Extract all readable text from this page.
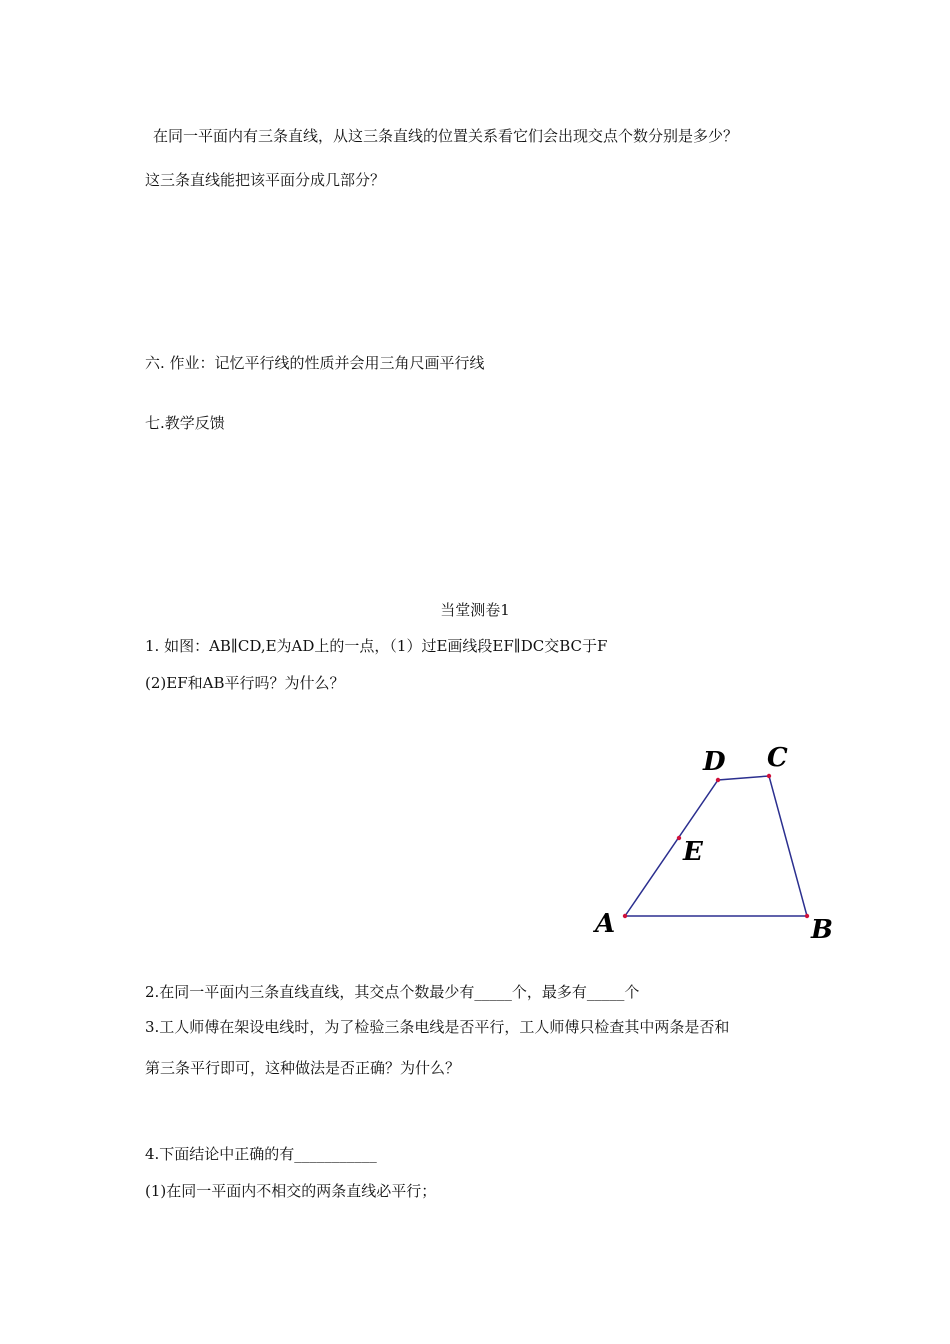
在同一平面内有三条直线，从这三条直线的位置关系看它们会出现交点个数分别是多少？
这三条直线能把该平面分成几部分？
六. 作业：记忆平行线的性质并会用三角尺画平行线
七.教学反馈
当堂测卷1
1. 如图：AB∥CD,E为AD上的一点，（1）过E画线段EF∥DC交BC于F
(2)EF和AB平行吗？为什么？
A	B
C
D
E
2.在同一平面内三条直线直线，其交点个数最少有_____个，最多有_____个
3.工人师傅在架设电线时，为了检验三条电线是否平行，工人师傅只检查其中两条是否和
第三条平行即可，这种做法是否正确？为什么？
4.下面结论中正确的有___________
(1)在同一平面内不相交的两条直线必平行；
